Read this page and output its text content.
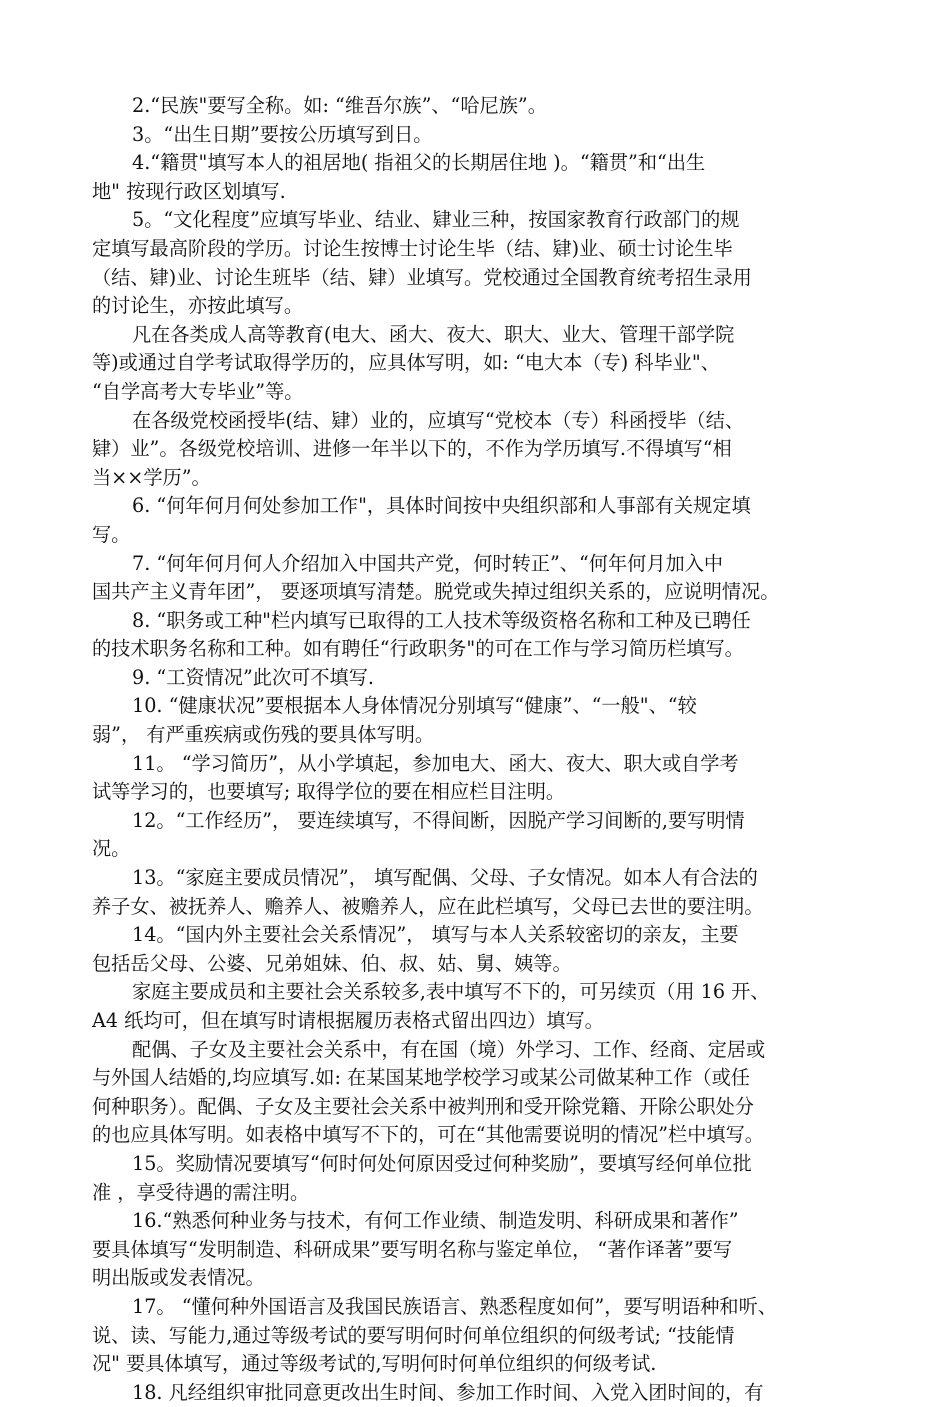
2.“民族"要写全称。如: “维吾尔族”、“哈尼族”。
3。“出生日期”要按公历填写到日。
4.“籍贯"填写本人的祖居地( 指祖父的长期居住地 )。“籍贯”和“出生
地" 按现行政区划填写.
5。“文化程度”应填写毕业、结业、肄业三种，按国家教育行政部门的规
定填写最高阶段的学历。讨论生按博士讨论生毕（结、肄)业、硕士讨论生毕
（结、肄)业、讨论生班毕（结、肄）业填写。党校通过全国教育统考招生录用
的讨论生，亦按此填写。
凡在各类成人高等教育(电大、函大、夜大、职大、业大、管理干部学院
等)或通过自学考试取得学历的，应具体写明，如: “电大本（专) 科毕业"、
“自学高考大专毕业”等。
在各级党校函授毕(结、肄）业的，应填写“党校本（专）科函授毕（结、
肄）业”。各级党校培训、进修一年半以下的，不作为学历填写.不得填写“相
当××学历”。
6. “何年何月何处参加工作"，具体时间按中央组织部和人事部有关规定填
写。
7. “何年何月何人介绍加入中国共产党，何时转正”、“何年何月加入中
国共产主义青年团”， 要逐项填写清楚。脱党或失掉过组织关系的，应说明情况。
8. “职务或工种"栏内填写已取得的工人技术等级资格名称和工种及已聘任
的技术职务名称和工种。如有聘任“行政职务"的可在工作与学习简历栏填写。
9. “工资情况”此次可不填写.
10. “健康状况”要根据本人身体情况分别填写“健康”、“一般"、“较
弱”， 有严重疾病或伤残的要具体写明。
11。 “学习简历”，从小学填起，参加电大、函大、夜大、职大或自学考
试等学习的，也要填写; 取得学位的要在相应栏目注明。
12。“工作经历”， 要连续填写，不得间断，因脱产学习间断的,要写明情
况。
13。“家庭主要成员情况”， 填写配偶、父母、子女情况。如本人有合法的
养子女、被抚养人、赡养人、被赡养人，应在此栏填写，父母已去世的要注明。
14。“国内外主要社会关系情况”， 填写与本人关系较密切的亲友，主要
包括岳父母、公婆、兄弟姐妹、伯、叔、姑、舅、姨等。
家庭主要成员和主要社会关系较多,表中填写不下的，可另续页（用 16 开、
A4 纸均可，但在填写时请根据履历表格式留出四边）填写。
配偶、子女及主要社会关系中，有在国（境）外学习、工作、经商、定居或
与外国人结婚的,均应填写.如: 在某国某地学校学习或某公司做某种工作（或任
何种职务）。配偶、子女及主要社会关系中被判刑和受开除党籍、开除公职处分
的也应具体写明。如表格中填写不下的，可在“其他需要说明的情况”栏中填写。
15。奖励情况要填写“何时何处何原因受过何种奖励”，要填写经何单位批
准 ，享受待遇的需注明。
16.“熟悉何种业务与技术，有何工作业绩、制造发明、科研成果和著作”
要具体填写“发明制造、科研成果”要写明名称与鉴定单位， “著作译著”要写
明出版或发表情况。
17。 “懂何种外国语言及我国民族语言、熟悉程度如何”，要写明语种和听、
说、读、写能力,通过等级考试的要写明何时何单位组织的何级考试; “技能情
况" 要具体填写，通过等级考试的,写明何时何单位组织的何级考试.
18. 凡经组织审批同意更改出生时间、参加工作时间、入党入团时间的，有
